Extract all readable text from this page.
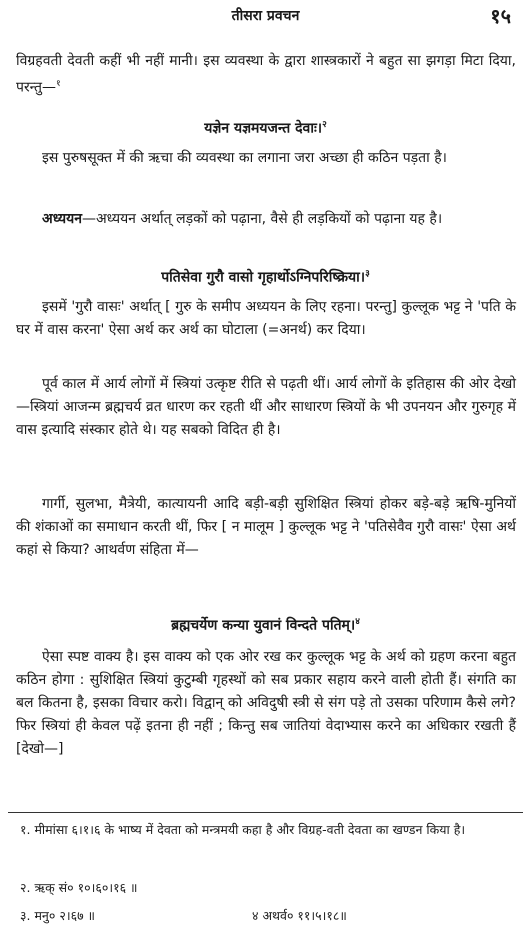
तीसरा प्रवचन	१५
विग्रहवती देवती कहीं भी नहीं मानी। इस व्यवस्था के द्वारा शास्त्रकारों ने बहुत सा झगड़ा मिटा दिया, परन्तु—$^१$
यज्ञेन यज्ञमयजन्त देवाः।$^२$
इस पुरुषसूक्त में की ऋचा की व्यवस्था का लगाना जरा अच्छा ही कठिन पड़ता है।
अध्ययन—अध्ययन अर्थात् लड़कों को पढ़ाना, वैसे ही लड़कियों को पढ़ाना यह है।
पतिसेवा गुरौ वासो गृहार्थोऽग्निपरिष्क्रिया।$^३$
इसमें 'गुरौ वासः' अर्थात् [ गुरु के समीप अध्ययन के लिए रहना। परन्तु] कुल्लूक भट्ट ने 'पति के घर में वास करना' ऐसा अर्थ कर अर्थ का घोटाला (=अनर्थ) कर दिया।
पूर्व काल में आर्य लोगों में स्त्रियां उत्कृष्ट रीति से पढ़ती थीं। आर्य लोगों के इतिहास की ओर देखो—स्त्रियां आजन्म ब्रह्मचर्य व्रत धारण कर रहती थीं और साधारण स्त्रियों के भी उपनयन और गुरुगृह में वास इत्यादि संस्कार होते थे। यह सबको विदित ही है।
गार्गी, सुलभा, मैत्रेयी, कात्यायनी आदि बड़ी-बड़ी सुशिक्षित स्त्रियां होकर बड़े-बड़े ऋषि-मुनियों की शंकाओं का समाधान करती थीं, फिर [ न मालूम ] कुल्लूक भट्ट ने 'पतिसेवैव गुरौ वासः' ऐसा अर्थ कहां से किया? आथर्वण संहिता में—
ब्रह्मचर्येण कन्या युवानं विन्दते पतिम्।$^४$
ऐसा स्पष्ट वाक्य है। इस वाक्य को एक ओर रख कर कुल्लूक भट्ट के अर्थ को ग्रहण करना बहुत कठिन होगा : सुशिक्षित स्त्रियां कुटुम्बी गृहस्थों को सब प्रकार सहाय करने वाली होती हैं। संगति का बल कितना है, इसका विचार करो। विद्वान् को अविदुषी स्त्री से संग पड़े तो उसका परिणाम कैसे लगे? फिर स्त्रियां ही केवल पढ़ें इतना ही नहीं ; किन्तु सब जातियां वेदाभ्यास करने का अधिकार रखती हैं [देखो—]
१. मीमांसा ६।१।६ के भाष्य में देवता को मन्त्रमयी कहा है और विग्रह-वती देवता का खण्डन किया है।
२. ऋक् सं० १०।६०।१६ ॥
३. मनु० २।६७ ॥	४ अथर्व० ११।५।१८॥
